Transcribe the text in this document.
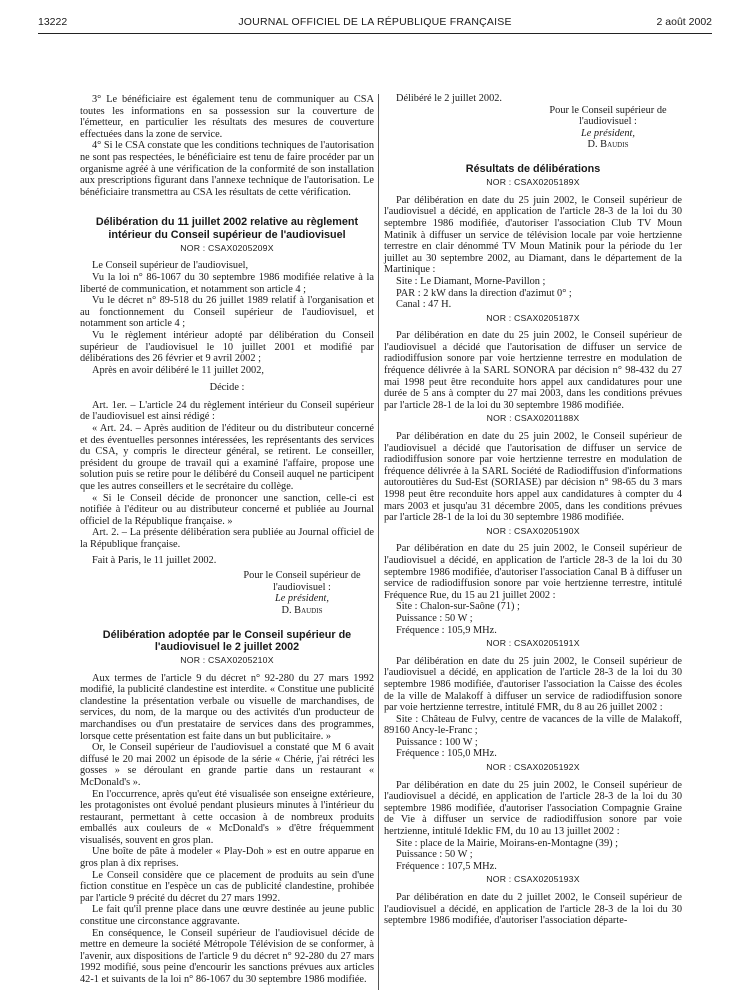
13222	JOURNAL OFFICIEL DE LA RÉPUBLIQUE FRANÇAISE	2 août 2002

3° Le bénéficiaire est également tenu de communiquer au CSA toutes les informations en sa possession sur la couverture de l'émetteur, en particulier les résultats des mesures de couverture effectuées dans la zone de service.

4° Si le CSA constate que les conditions techniques de l'autorisation ne sont pas respectées, le bénéficiaire est tenu de faire procéder par un organisme agréé à une vérification de la conformité de son installation aux prescriptions figurant dans l'annexe technique de l'autorisation. Le bénéficiaire transmettra au CSA les résultats de cette vérification.

Délibération du 11 juillet 2002 relative au règlement intérieur du Conseil supérieur de l'audiovisuel
NOR : CSAX0205209X

Le Conseil supérieur de l'audiovisuel,

Vu la loi n° 86-1067 du 30 septembre 1986 modifiée relative à la liberté de communication, et notamment son article 4 ;

Vu le décret n° 89-518 du 26 juillet 1989 relatif à l'organisation et au fonctionnement du Conseil supérieur de l'audiovisuel, et notamment son article 4 ;

Vu le règlement intérieur adopté par délibération du Conseil supérieur de l'audiovisuel le 10 juillet 2001 et modifié par délibérations des 26 février et 9 avril 2002 ;

Après en avoir délibéré le 11 juillet 2002,

Décide :

Art. 1er. – L'article 24 du règlement intérieur du Conseil supérieur de l'audiovisuel est ainsi rédigé :

« Art. 24. – Après audition de l'éditeur ou du distributeur concerné et des éventuelles personnes intéressées, les représentants des services du CSA, y compris le directeur général, se retirent. Le conseiller, président du groupe de travail qui a examiné l'affaire, propose une solution puis se retire pour le délibéré du Conseil auquel ne participent que les autres conseillers et le secrétaire du collège.

« Si le Conseil décide de prononcer une sanction, celle-ci est notifiée à l'éditeur ou au distributeur concerné et publiée au Journal officiel de la République française. »

Art. 2. – La présente délibération sera publiée au Journal officiel de la République française.

Fait à Paris, le 11 juillet 2002.

Pour le Conseil supérieur de l'audiovisuel :

Le président,

D. Baudis

Délibération adoptée par le Conseil supérieur de l'audiovisuel le 2 juillet 2002
NOR : CSAX0205210X

Aux termes de l'article 9 du décret n° 92-280 du 27 mars 1992 modifié, la publicité clandestine est interdite. « Constitue une publicité clandestine la présentation verbale ou visuelle de marchandises, de services, du nom, de la marque ou des activités d'un producteur de marchandises ou d'un prestataire de services dans des programmes, lorsque cette présentation est faite dans un but publicitaire. »

Or, le Conseil supérieur de l'audiovisuel a constaté que M 6 avait diffusé le 20 mai 2002 un épisode de la série « Chérie, j'ai rétréci les gosses » se déroulant en grande partie dans un restaurant « McDonald's ».

En l'occurrence, après qu'eut été visualisée son enseigne extérieure, les protagonistes ont évolué pendant plusieurs minutes à l'intérieur du restaurant, permettant à cette occasion à de nombreux produits emballés aux couleurs de « McDonald's » d'être fréquemment visualisés, souvent en gros plan.

Une boîte de pâte à modeler « Play-Doh » est en outre apparue en gros plan à dix reprises.

Le Conseil considère que ce placement de produits au sein d'une fiction constitue en l'espèce un cas de publicité clandestine, prohibée par l'article 9 précité du décret du 27 mars 1992.

Le fait qu'il prenne place dans une œuvre destinée au jeune public constitue une circonstance aggravante.

En conséquence, le Conseil supérieur de l'audiovisuel décide de mettre en demeure la société Métropole Télévision de se conformer, à l'avenir, aux dispositions de l'article 9 du décret n° 92-280 du 27 mars 1992 modifié, sous peine d'encourir les sanctions prévues aux articles 42-1 et suivants de la loi n° 86-1067 du 30 septembre 1986 modifiée.

Délibéré le 2 juillet 2002.

Pour le Conseil supérieur de l'audiovisuel :

Le président,

D. Baudis

Résultats de délibérations
NOR : CSAX0205189X

Par délibération en date du 25 juin 2002, le Conseil supérieur de l'audiovisuel a décidé, en application de l'article 28-3 de la loi du 30 septembre 1986 modifiée, d'autoriser l'association Club TV Moun Matinik à diffuser un service de télévision locale par voie hertzienne terrestre en clair dénommé TV Moun Matinik pour la période du 1er juillet au 30 septembre 2002, au Diamant, dans le département de la Martinique :

Site : Le Diamant, Morne-Pavillon ;

PAR : 2 kW dans la direction d'azimut 0° ;

Canal : 47 H.

NOR : CSAX0205187X

Par délibération en date du 25 juin 2002, le Conseil supérieur de l'audiovisuel a décidé que l'autorisation de diffuser un service de radiodiffusion sonore par voie hertzienne terrestre en modulation de fréquence délivrée à la SARL SONORA par décision n° 98-432 du 27 mai 1998 peut être reconduite hors appel aux candidatures pour une durée de 5 ans à compter du 27 mai 2003, dans les conditions prévues par l'article 28-1 de la loi du 30 septembre 1986 modifiée.

NOR : CSAX0201188X

Par délibération en date du 25 juin 2002, le Conseil supérieur de l'audiovisuel a décidé que l'autorisation de diffuser un service de radiodiffusion sonore par voie hertzienne terrestre en modulation de fréquence délivrée à la SARL Société de Radiodiffusion d'informations autoroutières du Sud-Est (SORIASE) par décision n° 98-65 du 3 mars 1998 peut être reconduite hors appel aux candidatures à compter du 4 mars 2003 et jusqu'au 31 décembre 2005, dans les conditions prévues par l'article 28-1 de la loi du 30 septembre 1986 modifiée.

NOR : CSAX0205190X

Par délibération en date du 25 juin 2002, le Conseil supérieur de l'audiovisuel a décidé, en application de l'article 28-3 de la loi du 30 septembre 1986 modifiée, d'autoriser l'association Canal B à diffuser un service de radiodiffusion sonore par voie hertzienne terrestre, intitulé Fréquence Rue, du 15 au 21 juillet 2002 :

Site : Chalon-sur-Saône (71) ;

Puissance : 50 W ;

Fréquence : 105,9 MHz.

NOR : CSAX0205191X

Par délibération en date du 25 juin 2002, le Conseil supérieur de l'audiovisuel a décidé, en application de l'article 28-3 de la loi du 30 septembre 1986 modifiée, d'autoriser l'association la Caisse des écoles de la ville de Malakoff à diffuser un service de radiodiffusion sonore par voie hertzienne terrestre, intitulé FMR, du 8 au 26 juillet 2002 :

Site : Château de Fulvy, centre de vacances de la ville de Malakoff, 89160 Ancy-le-Franc ;

Puissance : 100 W ;

Fréquence : 105,0 MHz.

NOR : CSAX0205192X

Par délibération en date du 25 juin 2002, le Conseil supérieur de l'audiovisuel a décidé, en application de l'article 28-3 de la loi du 30 septembre 1986 modifiée, d'autoriser l'association Compagnie Graine de Vie à diffuser un service de radiodiffusion sonore par voie hertzienne, intitulé Ideklic FM, du 10 au 13 juillet 2002 :

Site : place de la Mairie, Moirans-en-Montagne (39) ;

Puissance : 50 W ;

Fréquence : 107,5 MHz.

NOR : CSAX0205193X

Par délibération en date du 2 juillet 2002, le Conseil supérieur de l'audiovisuel a décidé, en application de l'article 28-3 de la loi du 30 septembre 1986 modifiée, d'autoriser l'association départe-
